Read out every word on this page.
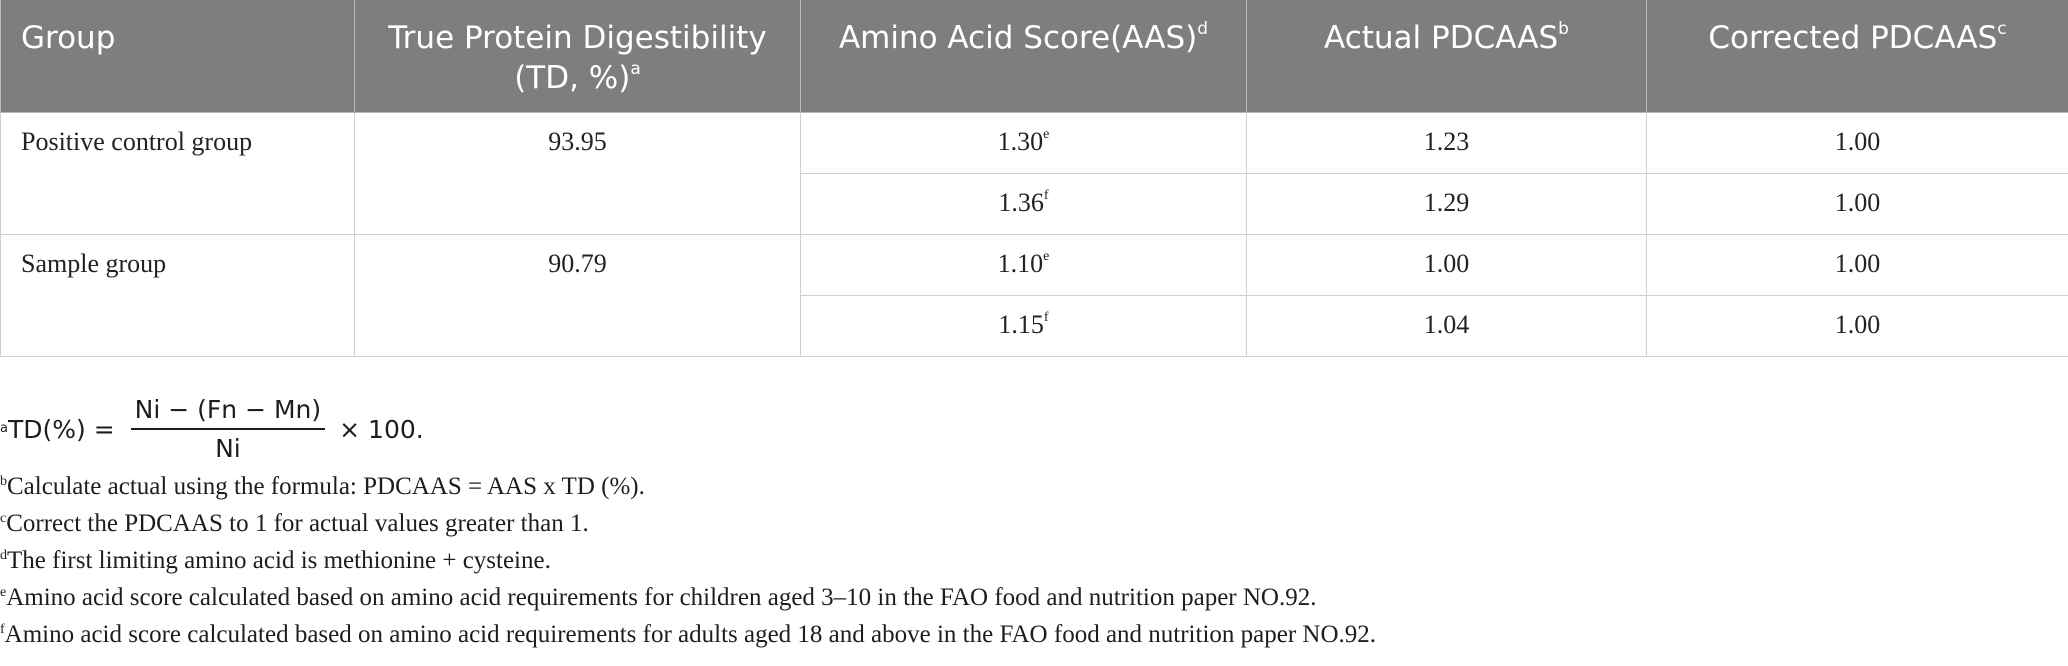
Group	True Protein Digestibility (TD, %)$^a$	Amino Acid Score(AAS)$^d$	Actual PDCAAS$^b$	Corrected PDCAAS$^c$
Positive control group	93.95	1.30e	1.23	1.00
		1.36$^f$	1.29	1.00
Sample group	90.79	1.10e	1.00	1.00
		1.15$^f$	1.04	1.00
a $TD(\%) = \frac{Ni - (Fn - Mn)}{Ni} \times 100$.
$^b$Calculate actual using the formula: PDCAAS = AAS x TD (%).
$^c$Correct the PDCAAS to 1 for actual values greater than 1.
$^d$The first limiting amino acid is methionine + cysteine.
$^e$Amino acid score calculated based on amino acid requirements for children aged 3–10 in the FAO food and nutrition paper NO.92.
$^f$Amino acid score calculated based on amino acid requirements for adults aged 18 and above in the FAO food and nutrition paper NO.92.
